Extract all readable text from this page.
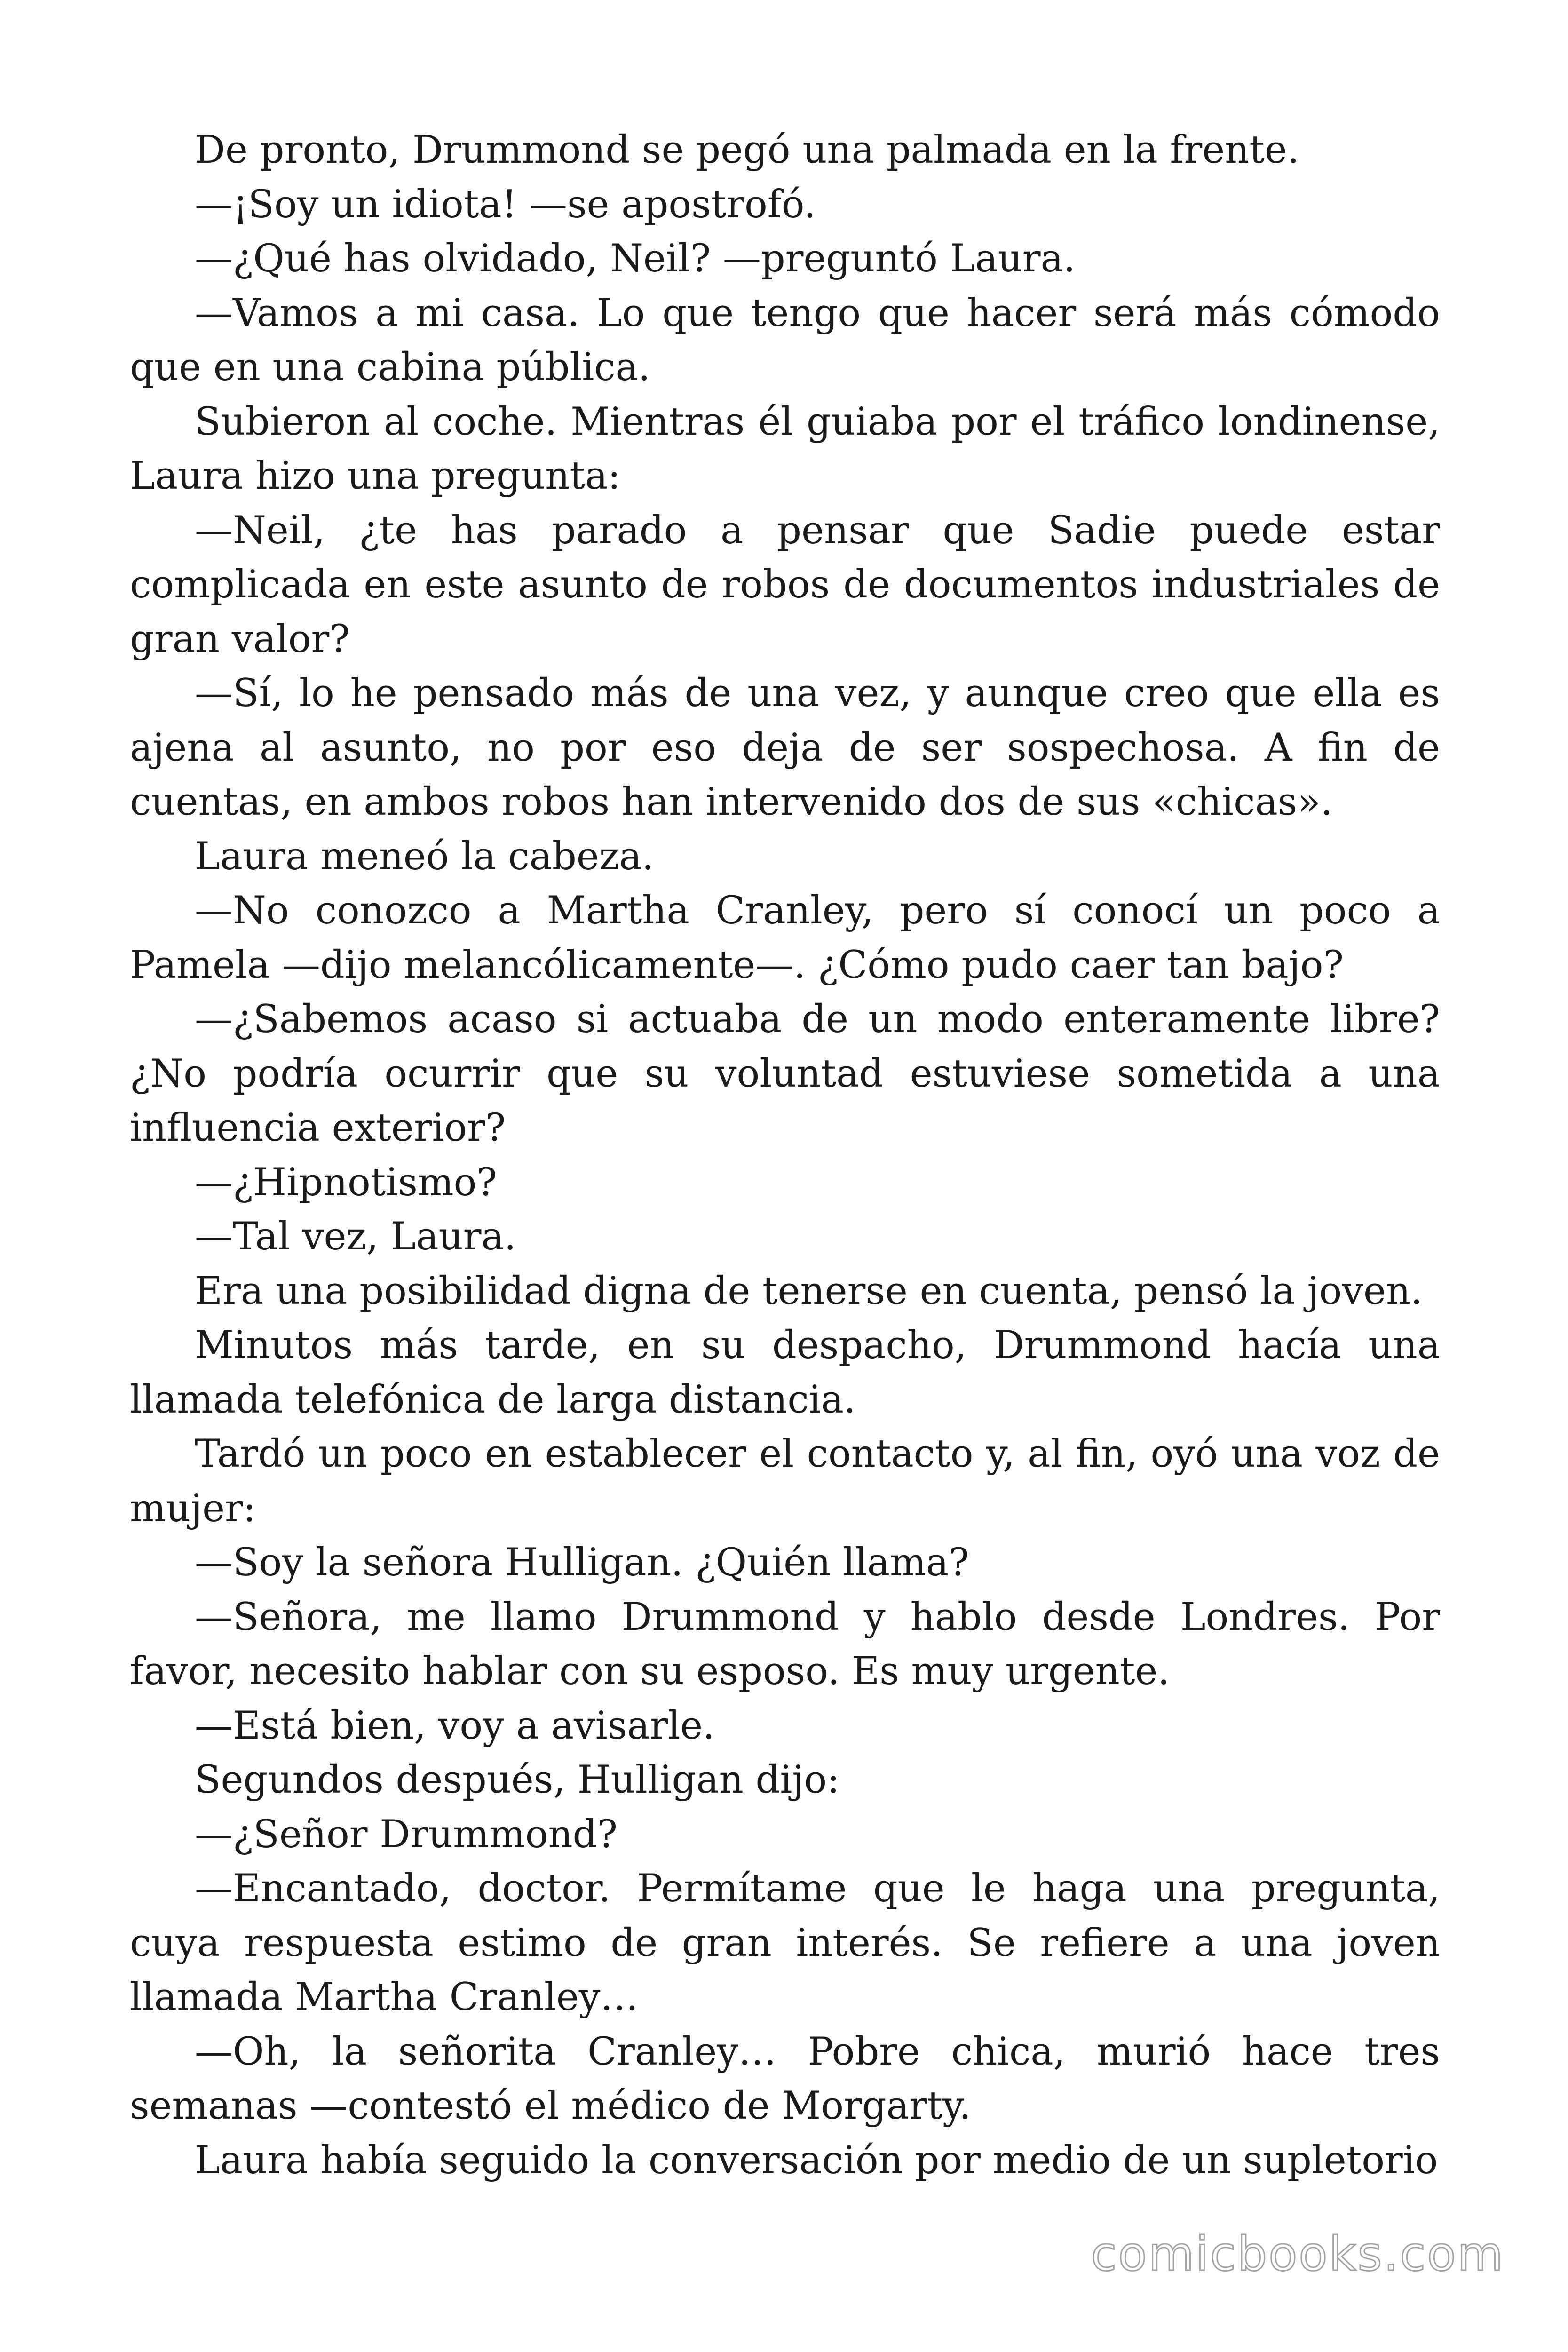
De pronto, Drummond se pegó una palmada en la frente.

—¡Soy un idiota! —se apostrofó.

—¿Qué has olvidado, Neil? —preguntó Laura.

—Vamos a mi casa. Lo que tengo que hacer será más cómodo que en una cabina pública.

Subieron al coche. Mientras él guiaba por el tráfico londinense, Laura hizo una pregunta:

—Neil, ¿te has parado a pensar que Sadie puede estar complicada en este asunto de robos de documentos industriales de gran valor?

—Sí, lo he pensado más de una vez, y aunque creo que ella es ajena al asunto, no por eso deja de ser sospechosa. A fin de cuentas, en ambos robos han intervenido dos de sus «chicas».

Laura meneó la cabeza.

—No conozco a Martha Cranley, pero sí conocí un poco a Pamela —dijo melancólicamente—. ¿Cómo pudo caer tan bajo?

—¿Sabemos acaso si actuaba de un modo enteramente libre? ¿No podría ocurrir que su voluntad estuviese sometida a una influencia exterior?

—¿Hipnotismo?

—Tal vez, Laura.

Era una posibilidad digna de tenerse en cuenta, pensó la joven.

Minutos más tarde, en su despacho, Drummond hacía una llamada telefónica de larga distancia.

Tardó un poco en establecer el contacto y, al fin, oyó una voz de mujer:

—Soy la señora Hulligan. ¿Quién llama?

—Señora, me llamo Drummond y hablo desde Londres. Por favor, necesito hablar con su esposo. Es muy urgente.

—Está bien, voy a avisarle.

Segundos después, Hulligan dijo:

—¿Señor Drummond?

—Encantado, doctor. Permítame que le haga una pregunta, cuya respuesta estimo de gran interés. Se refiere a una joven llamada Martha Cranley…

—Oh, la señorita Cranley… Pobre chica, murió hace tres semanas —contestó el médico de Morgarty.

Laura había seguido la conversación por medio de un supletorio

comicbooks.com
